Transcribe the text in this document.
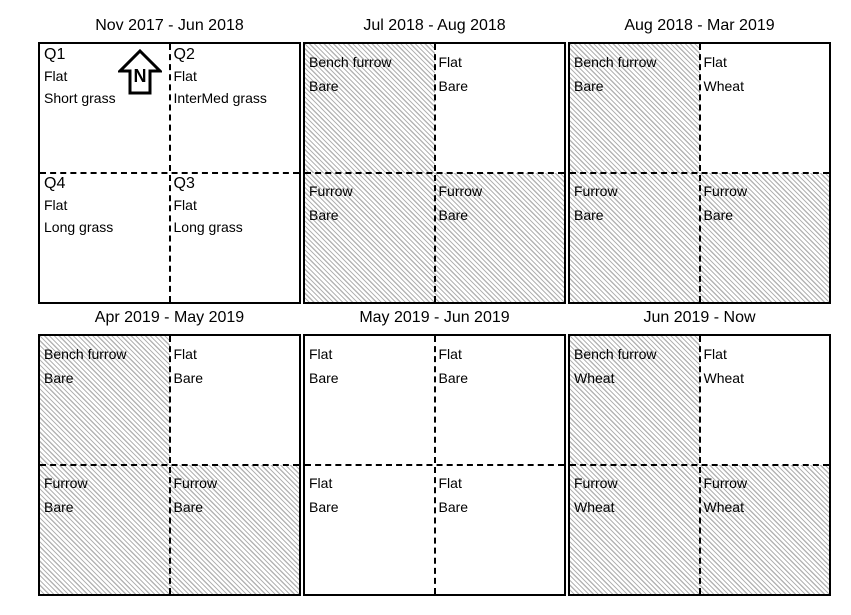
Nov 2017 - Jun 2018
Q1
Flat
Short grass
Q2
Flat
InterMed grass
Q4
Flat
Long grass
Q3
Flat
Long grass
N
Jul 2018 - Aug 2018
Bench furrow
Bare
Flat
Bare
Furrow
Bare
Furrow
Bare
Aug 2018 - Mar 2019
Bench furrow
Bare
Flat
Wheat
Furrow
Bare
Furrow
Bare
Apr 2019 - May 2019
Bench furrow
Bare
Flat
Bare
Furrow
Bare
Furrow
Bare
May 2019 - Jun 2019
Flat
Bare
Flat
Bare
Flat
Bare
Flat
Bare
Jun 2019 - Now
Bench furrow
Wheat
Flat
Wheat
Furrow
Wheat
Furrow
Wheat
